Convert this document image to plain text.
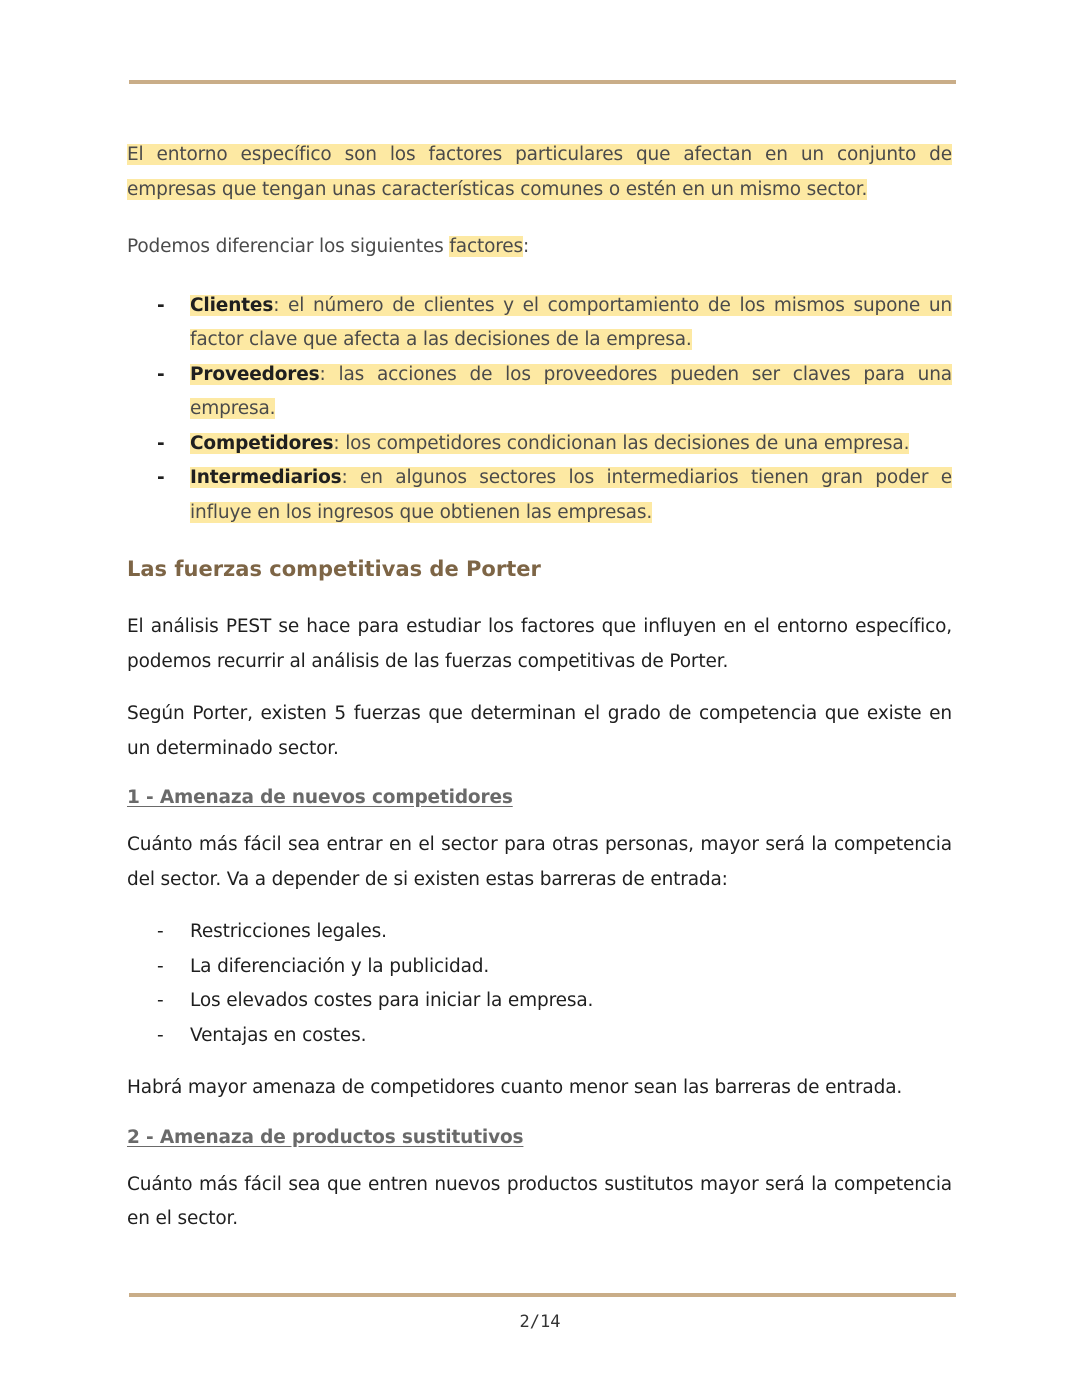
El entorno específico son los factores particulares que afectan en un conjunto de empresas que tengan unas características comunes o estén en un mismo sector.

Podemos diferenciar los siguientes factores:

- Clientes: el número de clientes y el comportamiento de los mismos supone un factor clave que afecta a las decisiones de la empresa.
- Proveedores: las acciones de los proveedores pueden ser claves para una empresa.
- Competidores: los competidores condicionan las decisiones de una empresa.
- Intermediarios: en algunos sectores los intermediarios tienen gran poder e influye en los ingresos que obtienen las empresas.
Las fuerzas competitivas de Porter

El análisis PEST se hace para estudiar los factores que influyen en el entorno específico, podemos recurrir al análisis de las fuerzas competitivas de Porter.

Según Porter, existen 5 fuerzas que determinan el grado de competencia que existe en un determinado sector.

1 - Amenaza de nuevos competidores

Cuánto más fácil sea entrar en el sector para otras personas, mayor será la competencia del sector. Va a depender de si existen estas barreras de entrada:

- Restricciones legales.
- La diferenciación y la publicidad.
- Los elevados costes para iniciar la empresa.
- Ventajas en costes.

Habrá mayor amenaza de competidores cuanto menor sean las barreras de entrada.

2 - Amenaza de productos sustitutivos

Cuánto más fácil sea que entren nuevos productos sustitutos mayor será la competencia en el sector.

2/14
